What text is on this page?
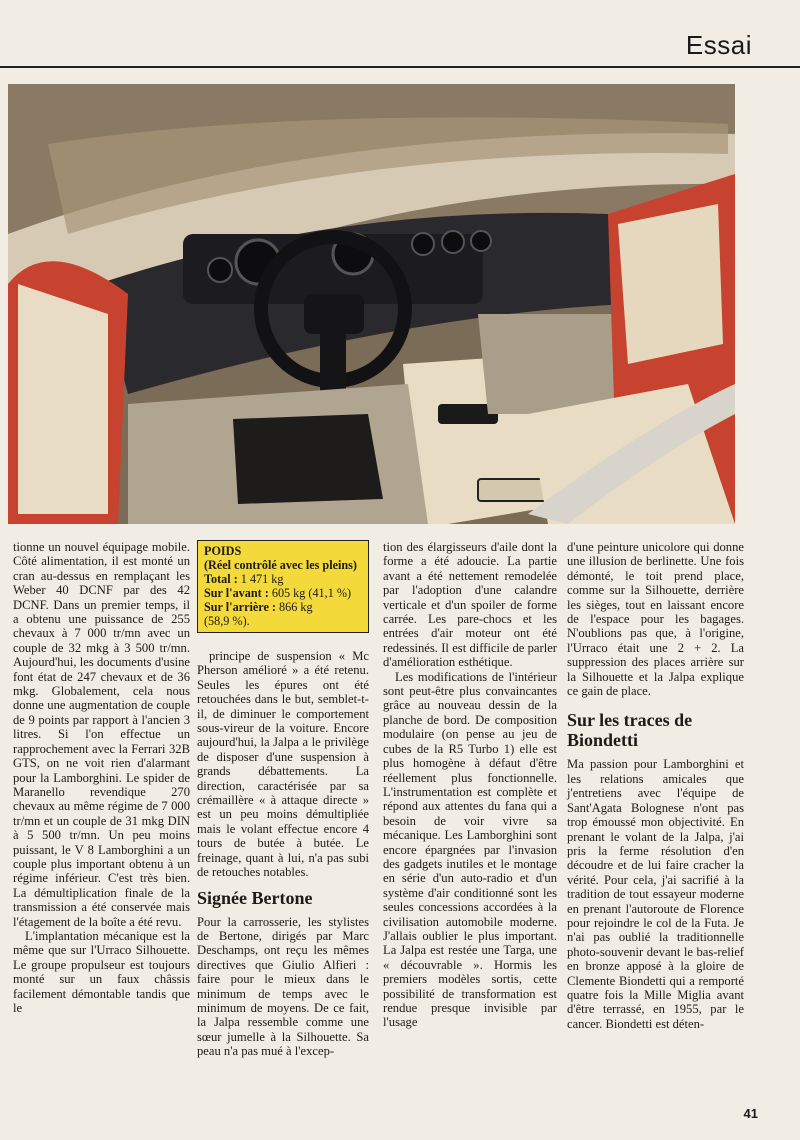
Essai

tionne un nouvel équipage mobile. Côté alimentation, il est monté un cran au-dessus en remplaçant les Weber 40 DCNF par des 42 DCNF. Dans un premier temps, il a obtenu une puissance de 255 chevaux à 7 000 tr/mn avec un couple de 32 mkg à 3 500 tr/mn. Aujourd'hui, les documents d'usine font état de 247 chevaux et de 36 mkg. Globalement, cela nous donne une augmentation de couple de 9 points par rapport à l'ancien 3 litres. Si l'on effectue un rapprochement avec la Ferrari 32B GTS, on ne voit rien d'alarmant pour la Lamborghini. Le spider de Maranello revendique 270 chevaux au même régime de 7 000 tr/mn et un couple de 31 mkg DIN à 5 500 tr/mn. Un peu moins puissant, le V 8 Lamborghini a un couple plus important obtenu à un régime inférieur. C'est très bien. La démultiplication finale de la transmission a été conservée mais l'étagement de la boîte a été revu.

L'implantation mécanique est la même que sur l'Urraco Silhouette. Le groupe propulseur est toujours monté sur un faux châssis facilement démontable tandis que le

POIDS
(Réel contrôlé avec les pleins)
Total : 1 471 kg
Sur l'avant : 605 kg (41,1 %)
Sur l'arrière : 866 kg
(58,9 %).

principe de suspension « Mc Pherson amélioré » a été retenu. Seules les épures ont été retouchées dans le but, semblet-t-il, de diminuer le comportement sous-vireur de la voiture. Encore aujourd'hui, la Jalpa a le privilège de disposer d'une suspension à grands débattements. La direction, caractérisée par sa crémaillère « à attaque directe » est un peu moins démultipliée mais le volant effectue encore 4 tours de butée à butée. Le freinage, quant à lui, n'a pas subi de retouches notables.

Signée Bertone

Pour la carrosserie, les stylistes de Bertone, dirigés par Marc Deschamps, ont reçu les mêmes directives que Giulio Alfieri : faire pour le mieux dans le minimum de temps avec le minimum de moyens. De ce fait, la Jalpa ressemble comme une sœur jumelle à la Silhouette. Sa peau n'a pas mué à l'excep-

tion des élargisseurs d'aile dont la forme a été adoucie. La partie avant a été nettement remodelée par l'adoption d'une calandre verticale et d'un spoiler de forme carrée. Les pare-chocs et les entrées d'air moteur ont été redessinés. Il est difficile de parler d'amélioration esthétique.

Les modifications de l'intérieur sont peut-être plus convaincantes grâce au nouveau dessin de la planche de bord. De composition modulaire (on pense au jeu de cubes de la R5 Turbo 1) elle est plus homogène à défaut d'être réellement plus fonctionnelle. L'instrumentation est complète et répond aux attentes du fana qui a besoin de voir vivre sa mécanique. Les Lamborghini sont encore épargnées par l'invasion des gadgets inutiles et le montage en série d'un auto-radio et d'un système d'air conditionné sont les seules concessions accordées à la civilisation automobile moderne. J'allais oublier le plus important. La Jalpa est restée une Targa, une « découvrable ». Hormis les premiers modèles sortis, cette possibilité de transformation est rendue presque invisible par l'usage

d'une peinture unicolore qui donne une illusion de berlinette. Une fois démonté, le toit prend place, comme sur la Silhouette, derrière les sièges, tout en laissant encore de l'espace pour les bagages. N'oublions pas que, à l'origine, l'Urraco était une 2 + 2. La suppression des places arrière sur la Silhouette et la Jalpa explique ce gain de place.

Sur les traces de Biondetti

Ma passion pour Lamborghini et les relations amicales que j'entretiens avec l'équipe de Sant'Agata Bolognese n'ont pas trop émoussé mon objectivité. En prenant le volant de la Jalpa, j'ai pris la ferme résolution d'en découdre et de lui faire cracher la vérité. Pour cela, j'ai sacrifié à la tradition de tout essayeur moderne en prenant l'autoroute de Florence pour rejoindre le col de la Futa. Je n'ai pas oublié la traditionnelle photo-souvenir devant le bas-relief en bronze apposé à la gloire de Clemente Biondetti qui a remporté quatre fois la Mille Miglia avant d'être terrassé, en 1955, par le cancer. Biondetti est déten-

41
